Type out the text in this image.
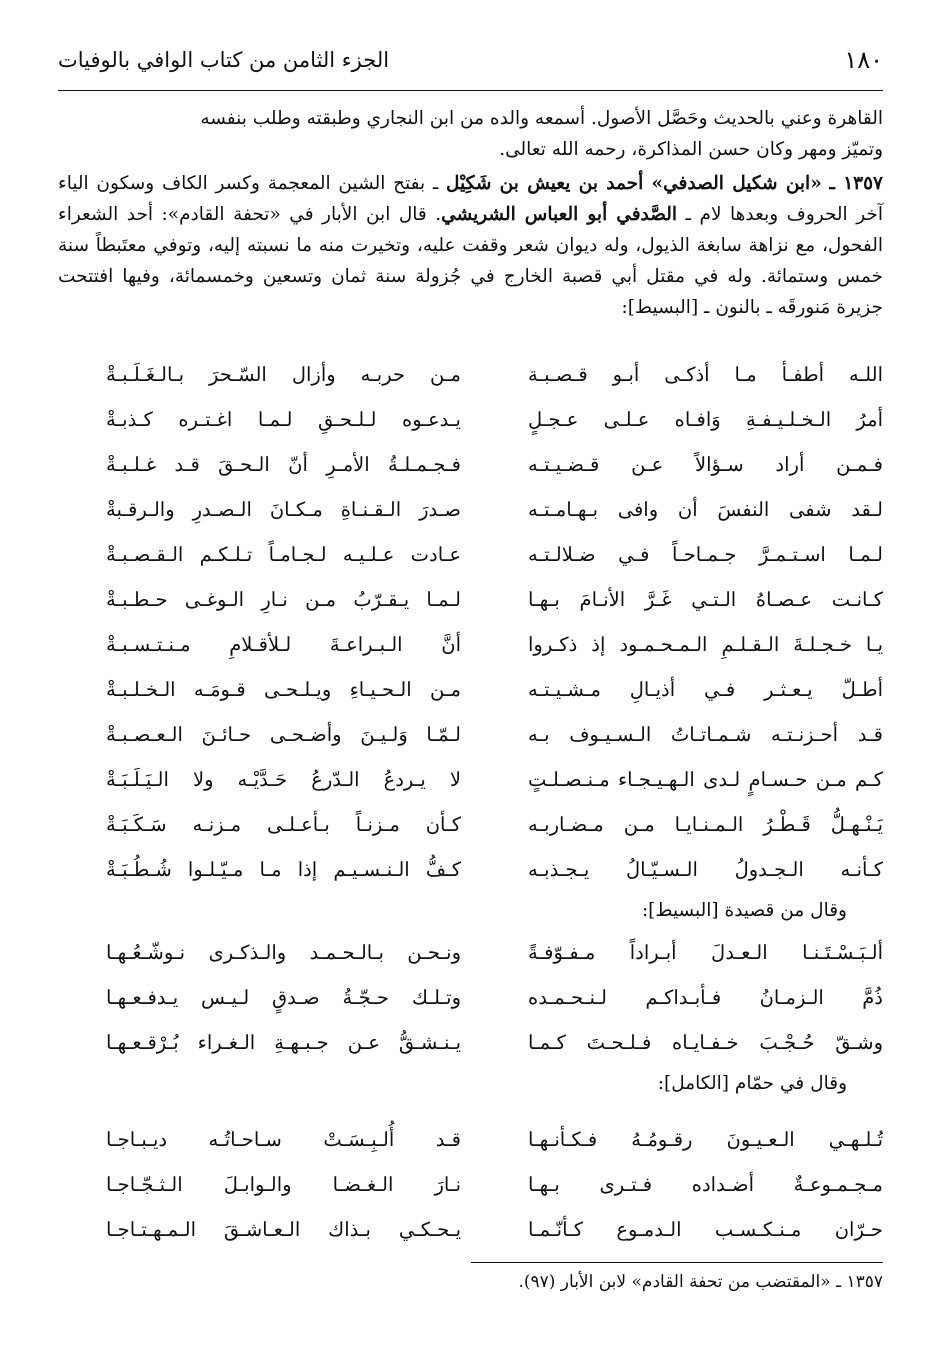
١٨٠
الجزء الثامن من كتاب الوافي بالوفيات

القاهرة وعني بالحديث وحَصَّل الأصول. أسمعه والده من ابن النجاري وطبقته وطلب بنفسه

وتميّز ومهر وكان حسن المذاكرة، رحمه الله تعالى.

١٣٥٧ ـ «ابن شكيل الصدفي» أحمد بن يعيش بن شَكِيْل ـ بفتح الشين المعجمة وكسر الكاف وسكون الياء آخر الحروف وبعدها لام ـ الصَّدفي أبو العباس الشريشي. قال ابن الأبار في «تحفة القادم»: أحد الشعراء الفحول، مع نزاهة سابغة الذيول، وله ديوان شعر وقفت عليه، وتخيرت منه ما نسبته إليه، وتوفي معتَبطاً سنة خمس وستمائة. وله في مقتل أبي قصبة الخارج في جُزولة سنة ثمان وتسعين وخمسمائة، وفيها افتتحت جزيرة مَنورقَه ـ بالنون ـ [البسيط]:

اللـه أطفـأ مـا أذكـى أبـو قـصـبـة
مـن حربـه وأزال السّـحرَ بـالـغَـلَـبـةْ
أمرُ الـخـلـيـفـةِ وَافـاه عـلـى عـجـلٍ
يـدعـوه لـلـحـقِ لـمـا اغـتـره كـذبـةْ
فـمـن أراد سـؤالاً عـن قـضـيـتـه
فـجـمـلـةُ الأمـرِ أنّ الـحـقَ قـد غـلـبـةْ
لـقد شفى النفسَ أن وافى بـهـامـتـه
صـدرَ الـقـنـاةِ مـكـانَ الـصـدرِ والـرقـبةْ
لـمـا اسـتـمـرَّ جـمـاحـاً فـي ضـلالـتـه
عـادت عـلـيـه لـجـامـاً تـلـكـم الـقـصـبـةْ
كـانـت عـصـاهُ الـتـي غَـرَّ الأنـامَ بـهـا
لـمـا يـقـرّبُ مـن نـارِ الـوغـى حـطـبـةْ
يـا خـجـلـةَ الـقـلـمِ الـمـحـمـود إذ ذكـروا
أنَّ الـبـراعـةَ لـلأقـلامِ مـنـتـسـبـةْ
أطـلّ يـعـثـر فـي أذيـالِ مـشـيـتـه
مـن الـحـيـاءِ ويـلـحـى قـومَـه الـخـلـبـةْ
قـد أحـزنـتـه شـمـاتـاتُ الـسـيـوف بـه
لـمّـا وَلـيـنَ وأضـحـى حـائـنَ الـعـصـبـةْ
كـم مـن حـسـامٍ لـدى الـهـيـجـاء مـنـصـلـتٍ
لا يـردعُ الـدّرعُ حَـدَّيْـه ولا الـيَـلَـبَـةْ
يَـنْـهـلُّ قَـطْـرُ الـمـنـايـا مـن مـضـاربـه
كـأن مـزنـاً بـأعـلـى مـزنـه سَـكَـبَـةْ
كـأنـه الـجـدولُ الـسـيّـالُ يـجـذبـه
كـفُّ الـنـسـيـم إذا مـا مـيّـلـوا شُـطُـبَـةْ
وقال من قصيدة [البسيط]:
ألـبَـسْـتَـنـا الـعـدلَ أبـراداً مـفـوّفـةً
ونـحـن بـالـحـمـد والـذكـرى نـوشّـعُـهـا
ذُمَّ الـزمـانُ فـأبـداكـم لـنـحـمـده
وتـلـك حـجّـةُ صـدقٍ لـيـس يـدفـعـهـا
وشـقّ حُـجْـبَ خـفـايـاه فـلـحـتَ كـمـا
يـنـشـقُّ عـن جـبـهـةِ الـغـراء بُـرْقـعـهـا
وقال في حمّام [الكامل]:
تُـلـهـي الـعـيـونَ رقـومُـهُ فـكـأنـهـا
قـد أُلـبِـسَـتْ سـاحـاتُـه ديـبـاجـا
مـجـمـوعـةٌ أضـداده فـتـرى بـهـا
نـارَ الـغـضـا والـوابـلَ الـثـجّـاجـا
حـرّان مـنـكـسـب الـدمـوع كـأنّـمـا
يـحـكـي بـذاك الـعـاشـقَ الـمـهـتـاجـا
١٣٥٧ ـ «المقتضب من تحفة القادم» لابن الأبار (٩٧).
